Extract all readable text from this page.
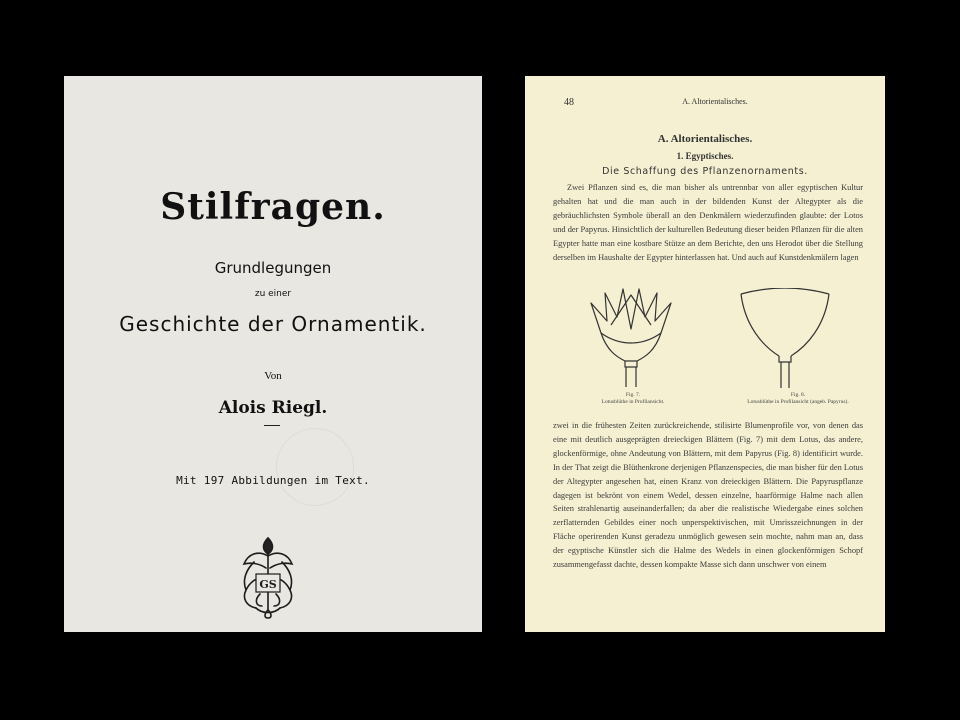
Stilfragen.
Grundlegungen
zu einer
Geschichte der Ornamentik.
Von
Alois Riegl.
Mit 197 Abbildungen im Text.
GS
48	A. Altorientalisches.
A. Altorientalisches.
1. Egyptisches.
Die Schaffung des Pflanzenornaments.
Zwei Pflanzen sind es, die man bisher als untrennbar von aller egyptischen Kultur gehalten hat und die man auch in der bildenden Kunst der Altegypter als die gebräuchlichsten Symbole überall an den Denkmälern wiederzufinden glaubte: der Lotos und der Papyrus. Hinsichtlich der kulturellen Bedeutung dieser beiden Pflanzen für die alten Egypter hatte man eine kostbare Stütze an dem Berichte, den uns Herodot über die Stellung derselben im Haushalte der Egypter hinterlassen hat. Und auch auf Kunstdenkmälern lagen
Fig. 7.
Lotusblüthe in Profilansicht.
Fig. 8.
Lotusblüthe in Profilansicht (angeb. Papyrus).
zwei in die frühesten Zeiten zurückreichende, stilisirte Blumenprofile vor, von denen das eine mit deutlich ausgeprägten dreieckigen Blättern (Fig. 7) mit dem Lotus, das andere, glockenförmige, ohne Andeutung von Blättern, mit dem Papyrus (Fig. 8) identificirt wurde. In der That zeigt die Blüthenkrone derjenigen Pflanzenspecies, die man bisher für den Lotus der Altegypter angesehen hat, einen Kranz von dreieckigen Blättern. Die Papyruspflanze dagegen ist bekrönt von einem Wedel, dessen einzelne, haarförmige Halme nach allen Seiten strahlenartig auseinanderfallen; da aber die realistische Wiedergabe eines solchen zerflatternden Gebildes einer noch unperspektivischen, mit Umrisszeichnungen in der Fläche operirenden Kunst geradezu unmöglich gewesen sein mochte, nahm man an, dass der egyptische Künstler sich die Halme des Wedels in einen glockenförmigen Schopf zusammengefasst dachte, dessen kompakte Masse sich dann unschwer von einem
